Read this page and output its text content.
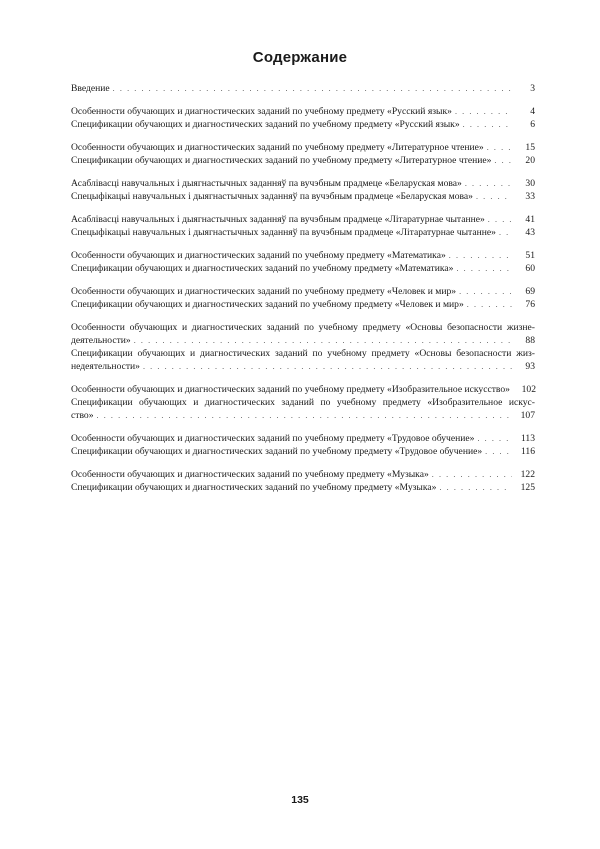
Содержание
Введение . . .	3
Особенности обучающих и диагностических заданий по учебному предмету «Русский язык» . . .	4
Спецификации обучающих и диагностических заданий по учебному предмету «Русский язык» . . .	6
Особенности обучающих и диагностических заданий по учебному предмету «Литературное чтение» . . .	15
Спецификации обучающих и диагностических заданий по учебному предмету «Литературное чтение» . . .	20
Асаблівасці навучальных і дыягнастычных заданняў па вучэбным прадмеце «Беларуская мова» . . .	30
Спецыфікацыі навучальных і дыягнастычных заданняў па вучэбным прадмеце «Беларуская мова» . . .	33
Асаблівасці навучальных і дыягнастычных заданняў па вучэбным прадмеце «Літаратурнае чытанне» . . .	41
Спецыфікацыі навучальных і дыягнастычных заданняў па вучэбным прадмеце «Літаратурнае чытанне» . . .	43
Особенности обучающих и диагностических заданий по учебному предмету «Математика» . . .	51
Спецификации обучающих и диагностических заданий по учебному предмету «Математика» . . .	60
Особенности обучающих и диагностических заданий по учебному предмету «Человек и мир» . . .	69
Спецификации обучающих и диагностических заданий по учебному предмету «Человек и мир» . . .	76
Особенности обучающих и диагностических заданий по учебному предмету «Основы безопасности жизне-
деятельности» . . .	88
Спецификации обучающих и диагностических заданий по учебному предмету «Основы безопасности жиз-
недеятельности» . . .	93
Особенности обучающих и диагностических заданий по учебному предмету «Изобразительное искусство»	102
Спецификации обучающих и диагностических заданий по учебному предмету «Изобразительное искус-
ство» . . .	107
Особенности обучающих и диагностических заданий по учебному предмету «Трудовое обучение» . . .	113
Спецификации обучающих и диагностических заданий по учебному предмету «Трудовое обучение» . . .	116
Особенности обучающих и диагностических заданий по учебному предмету «Музыка» . . .	122
Спецификации обучающих и диагностических заданий по учебному предмету «Музыка» . . .	125
135
